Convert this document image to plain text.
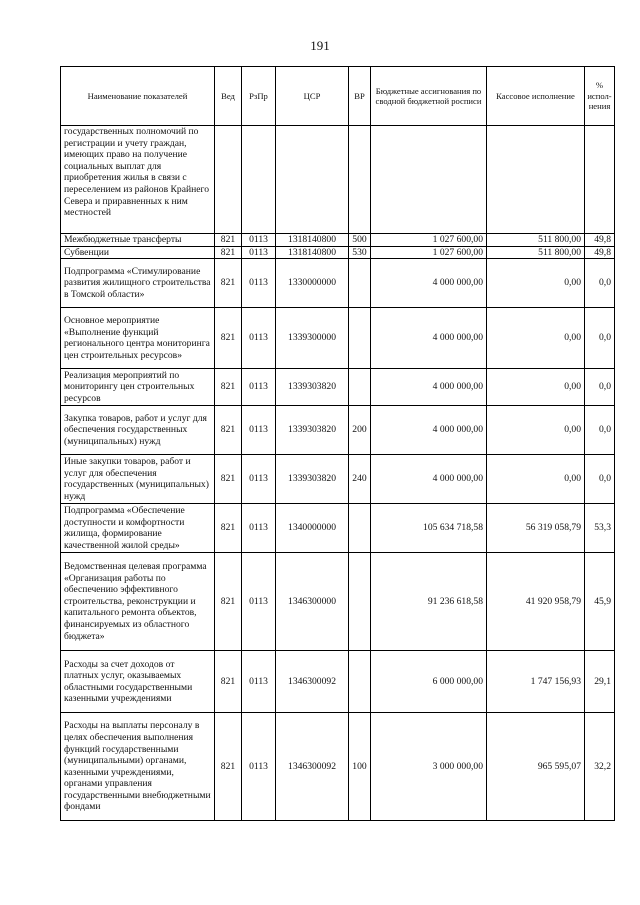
191
Наименование показателей	Вед	РзПр	ЦСР	ВР	Бюджетные ассигнования по сводной бюджетной росписи	Кассовое исполнение	% испол-нения
государственных полномочий по регистрации и учету граждан, имеющих право на получение социальных выплат для приобретения жилья в связи с переселением из районов Крайнего Севера и приравненных к ним местностей							
Межбюджетные трансферты	821	0113	1318140800	500	1 027 600,00	511 800,00	49,8
Субвенции	821	0113	1318140800	530	1 027 600,00	511 800,00	49,8
Подпрограмма «Стимулирование развития жилищного строительства в Томской области»	821	0113	1330000000		4 000 000,00	0,00	0,0
Основное мероприятие «Выполнение функций регионального центра мониторинга цен строительных ресурсов»	821	0113	1339300000		4 000 000,00	0,00	0,0
Реализация мероприятий по мониторингу цен строительных ресурсов	821	0113	1339303820		4 000 000,00	0,00	0,0
Закупка товаров, работ и услуг для обеспечения государственных (муниципальных) нужд	821	0113	1339303820	200	4 000 000,00	0,00	0,0
Иные закупки товаров, работ и услуг для обеспечения государственных (муниципальных) нужд	821	0113	1339303820	240	4 000 000,00	0,00	0,0
Подпрограмма «Обеспечение доступности и комфортности жилища, формирование качественной жилой среды»	821	0113	1340000000		105 634 718,58	56 319 058,79	53,3
Ведомственная целевая программа «Организация работы по обеспечению эффективного строительства, реконструкции и капитального ремонта объектов, финансируемых из областного бюджета»	821	0113	1346300000		91 236 618,58	41 920 958,79	45,9
Расходы за счет доходов от платных услуг, оказываемых областными государственными казенными учреждениями	821	0113	1346300092		6 000 000,00	1 747 156,93	29,1
Расходы на выплаты персоналу в целях обеспечения выполнения функций государственными (муниципальными) органами, казенными учреждениями, органами управления государственными внебюджетными фондами	821	0113	1346300092	100	3 000 000,00	965 595,07	32,2
